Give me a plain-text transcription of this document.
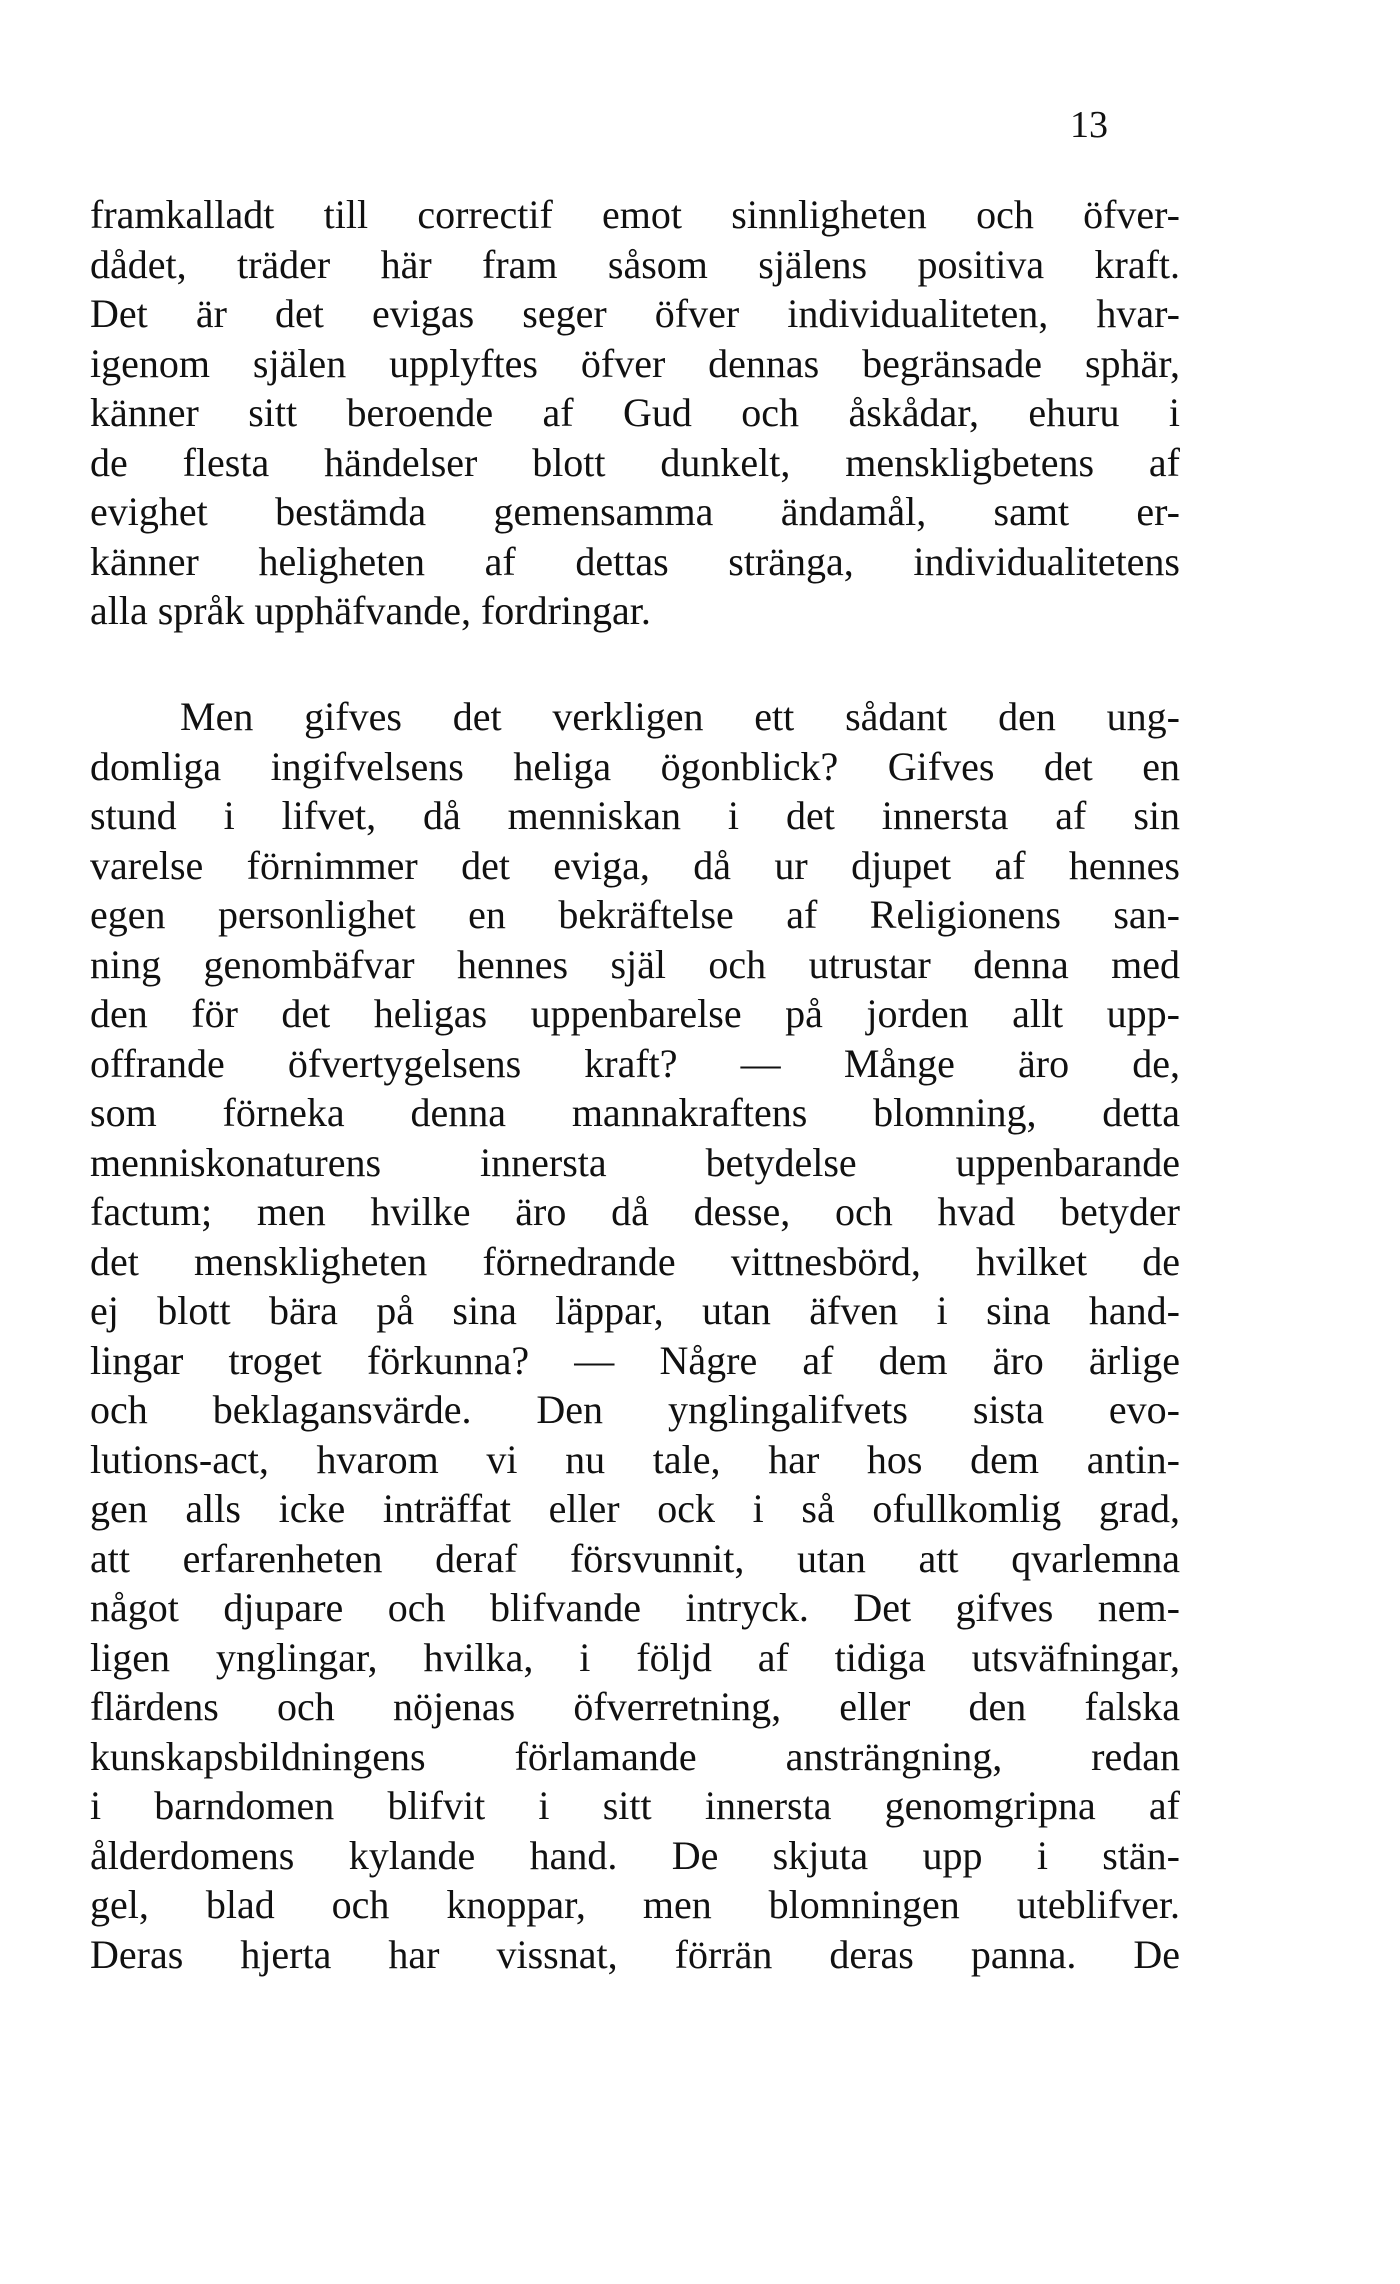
13
framkalladt till correctif emot sinnligheten och öfver-
dådet, träder här fram såsom själens positiva kraft.
Det är det evigas seger öfver individualiteten, hvar-
igenom själen upplyftes öfver dennas begränsade sphär,
känner sitt beroende af Gud och åskådar, ehuru i
de flesta händelser blott dunkelt, menskligbetens af
evighet bestämda gemensamma ändamål, samt er-
känner heligheten af dettas stränga, individualitetens
alla språk upphäfvande, fordringar.
Men gifves det verkligen ett sådant den ung-
domliga ingifvelsens heliga ögonblick? Gifves det en
stund i lifvet, då menniskan i det innersta af sin
varelse förnimmer det eviga, då ur djupet af hennes
egen personlighet en bekräftelse af Religionens san-
ning genombäfvar hennes själ och utrustar denna med
den för det heligas uppenbarelse på jorden allt upp-
offrande öfvertygelsens kraft? — Månge äro de,
som förneka denna mannakraftens blomning, detta
menniskonaturens innersta betydelse uppenbarande
factum; men hvilke äro då desse, och hvad betyder
det menskligheten förnedrande vittnesbörd, hvilket de
ej blott bära på sina läppar, utan äfven i sina hand-
lingar troget förkunna? — Någre af dem äro ärlige
och beklagansvärde. Den ynglingalifvets sista evo-
lutions-act, hvarom vi nu tale, har hos dem antin-
gen alls icke inträffat eller ock i så ofullkomlig grad,
att erfarenheten deraf försvunnit, utan att qvarlemna
något djupare och blifvande intryck. Det gifves nem-
ligen ynglingar, hvilka, i följd af tidiga utsväfningar,
flärdens och nöjenas öfverretning, eller den falska
kunskapsbildningens förlamande ansträngning, redan
i barndomen blifvit i sitt innersta genomgripna af
ålderdomens kylande hand. De skjuta upp i stän-
gel, blad och knoppar, men blomningen uteblifver.
Deras hjerta har vissnat, förrän deras panna. De
